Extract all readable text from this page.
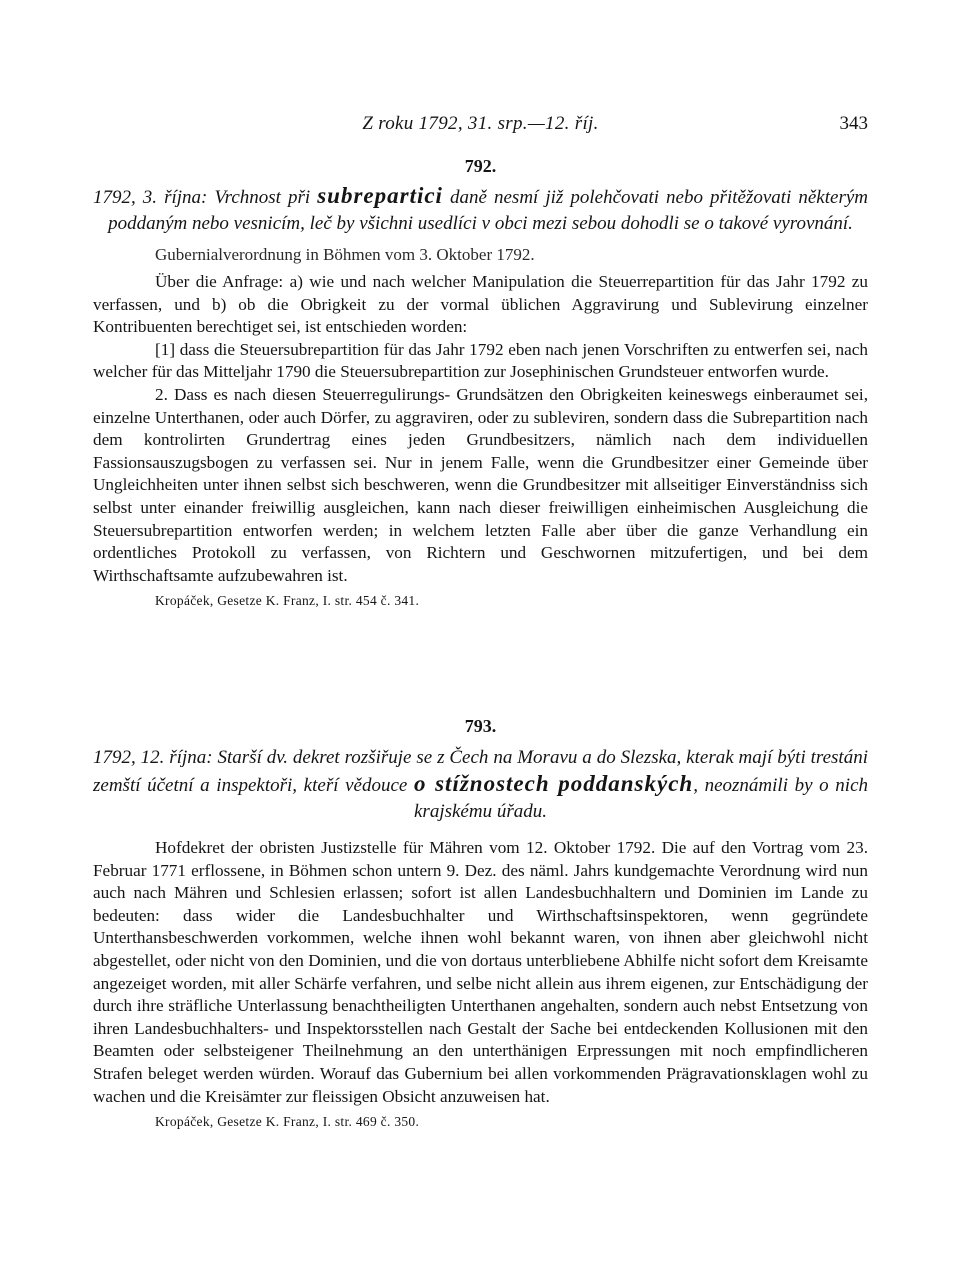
Z roku 1792, 31. srp.—12. říj.	343
792.

1792, 3. října: Vrchnost při subrepartici daně nesmí již polehčovati nebo přitěžovati některým poddaným nebo vesnicím, leč by všichni usedlíci v obci mezi sebou dohodli se o takové vyrovnání.

Gubernialverordnung in Böhmen vom 3. Oktober 1792.

Über die Anfrage: a) wie und nach welcher Manipulation die Steuerrepartition für das Jahr 1792 zu verfassen, und b) ob die Obrigkeit zu der vormal üblichen Aggravirung und Sublevirung einzelner Kontribuenten berechtiget sei, ist entschieden worden:

[1] dass die Steuersubrepartition für das Jahr 1792 eben nach jenen Vorschriften zu entwerfen sei, nach welcher für das Mitteljahr 1790 die Steuersubrepartition zur Josephinischen Grundsteuer entworfen wurde.

2. Dass es nach diesen Steuerregulirungs- Grundsätzen den Obrigkeiten keineswegs einberaumet sei, einzelne Unterthanen, oder auch Dörfer, zu aggraviren, oder zu subleviren, sondern dass die Subrepartition nach dem kontrolirten Grundertrag eines jeden Grundbesitzers, nämlich nach dem individuellen Fassionsauszugsbogen zu verfassen sei. Nur in jenem Falle, wenn die Grundbesitzer einer Gemeinde über Ungleichheiten unter ihnen selbst sich beschweren, wenn die Grundbesitzer mit allseitiger Einverständniss sich selbst unter einander freiwillig ausgleichen, kann nach dieser freiwilligen einheimischen Ausgleichung die Steuersubrepartition entworfen werden; in welchem letzten Falle aber über die ganze Verhandlung ein ordentliches Protokoll zu verfassen, von Richtern und Geschwornen mitzufertigen, und bei dem Wirthschaftsamte aufzubewahren ist.

Kropáček, Gesetze K. Franz, I. str. 454 č. 341.

793.

1792, 12. října: Starší dv. dekret rozšiřuje se z Čech na Moravu a do Slezska, kterak mají býti trestáni zemští účetní a inspektoři, kteří vědouce o stížnostech poddanských, neoznámili by o nich krajskému úřadu.

Hofdekret der obristen Justizstelle für Mähren vom 12. Oktober 1792. Die auf den Vortrag vom 23. Februar 1771 erflossene, in Böhmen schon untern 9. Dez. des näml. Jahrs kundgemachte Verordnung wird nun auch nach Mähren und Schlesien erlassen; sofort ist allen Landesbuchhaltern und Dominien im Lande zu bedeuten: dass wider die Landesbuchhalter und Wirthschaftsinspektoren, wenn gegründete Unterthansbeschwerden vorkommen, welche ihnen wohl bekannt waren, von ihnen aber gleichwohl nicht abgestellet, oder nicht von den Dominien, und die von dortaus unterbliebene Abhilfe nicht sofort dem Kreisamte angezeiget worden, mit aller Schärfe verfahren, und selbe nicht allein aus ihrem eigenen, zur Entschädigung der durch ihre sträfliche Unterlassung benachtheiligten Unterthanen angehalten, sondern auch nebst Entsetzung von ihren Landesbuchhalters- und Inspektorsstellen nach Gestalt der Sache bei entdeckenden Kollusionen mit den Beamten oder selbsteigener Theilnehmung an den unterthänigen Erpressungen mit noch empfindlicheren Strafen beleget werden würden. Worauf das Gubernium bei allen vorkommenden Prägravationsklagen wohl zu wachen und die Kreisämter zur fleissigen Obsicht anzuweisen hat.

Kropáček, Gesetze K. Franz, I. str. 469 č. 350.
